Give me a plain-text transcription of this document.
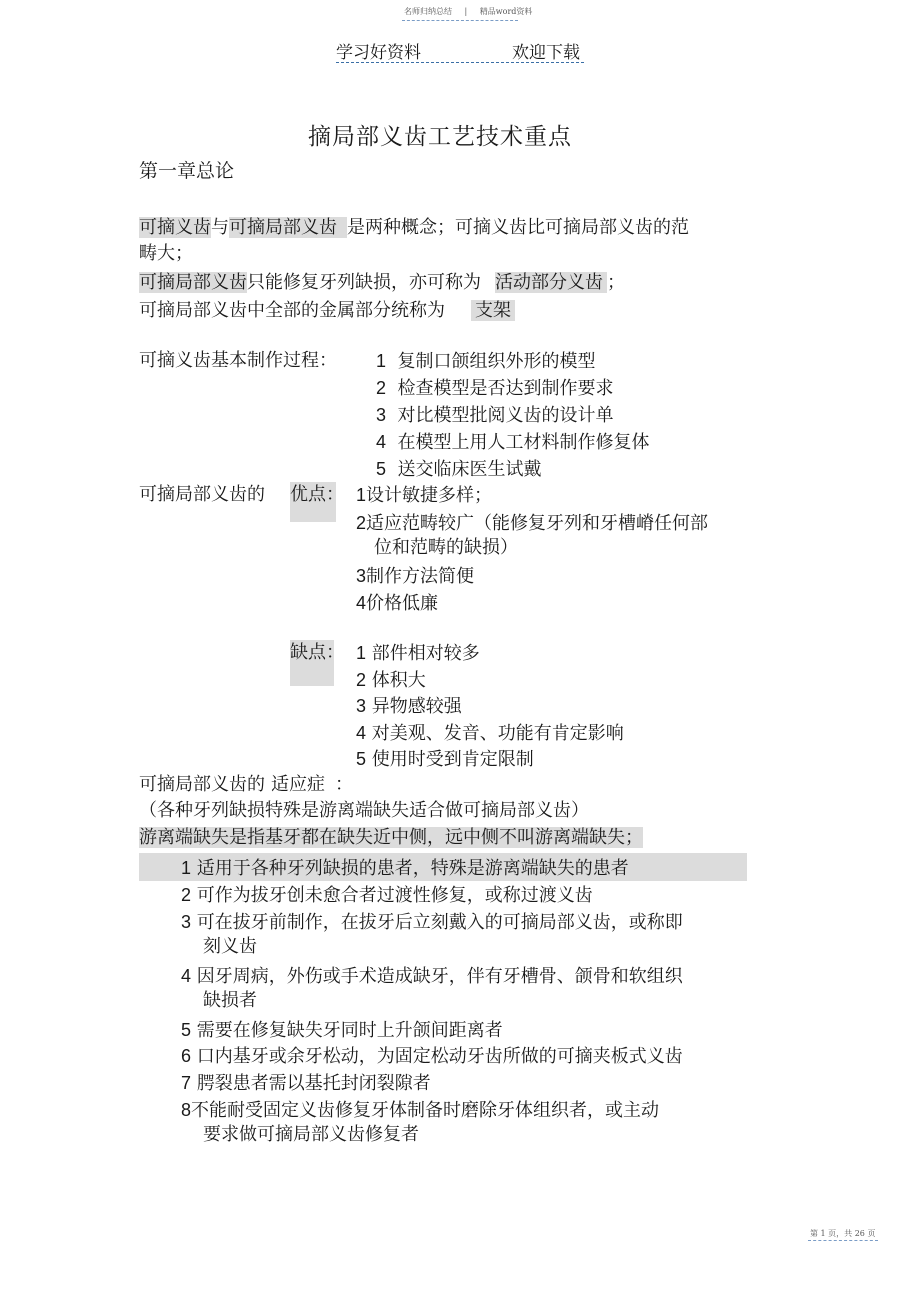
名师归纳总结 | 精品word资料
学习好资料	欢迎下载
摘局部义齿工艺技术重点
第一章总论
可摘义齿与可摘局部义齿 是两种概念；可摘义齿比可摘局部义齿的范
畴大；
可摘局部义齿只能修复牙列缺损，亦可称为 活动部分义齿 ；
可摘局部义齿中全部的金属部分统称为 支架
可摘义齿基本制作过程： 1 复制口颌组织外形的模型
2 检查模型是否达到制作要求
3 对比模型批阅义齿的设计单
4 在模型上用人工材料制作修复体
5 送交临床医生试戴
可摘局部义齿的 优点： 1设计敏捷多样；
2适应范畴较广（能修复牙列和牙槽嵴任何部
位和范畴的缺损）
3制作方法简便
4价格低廉
缺点： 1 部件相对较多
2 体积大
3 异物感较强
4 对美观、发音、功能有肯定影响
5 使用时受到肯定限制
可摘局部义齿的 适应症 ：
（各种牙列缺损特殊是游离端缺失适合做可摘局部义齿）
游离端缺失是指基牙都在缺失近中侧，远中侧不叫游离端缺失；
1 适用于各种牙列缺损的患者，特殊是游离端缺失的患者
2 可作为拔牙创未愈合者过渡性修复，或称过渡义齿
3 可在拔牙前制作，在拔牙后立刻戴入的可摘局部义齿，或称即
刻义齿
4 因牙周病，外伤或手术造成缺牙，伴有牙槽骨、颌骨和软组织
缺损者
5 需要在修复缺失牙同时上升颌间距离者
6 口内基牙或余牙松动，为固定松动牙齿所做的可摘夹板式义齿
7 腭裂患者需以基托封闭裂隙者
8不能耐受固定义齿修复牙体制备时磨除牙体组织者，或主动
要求做可摘局部义齿修复者
第 1 页，共 26 页
